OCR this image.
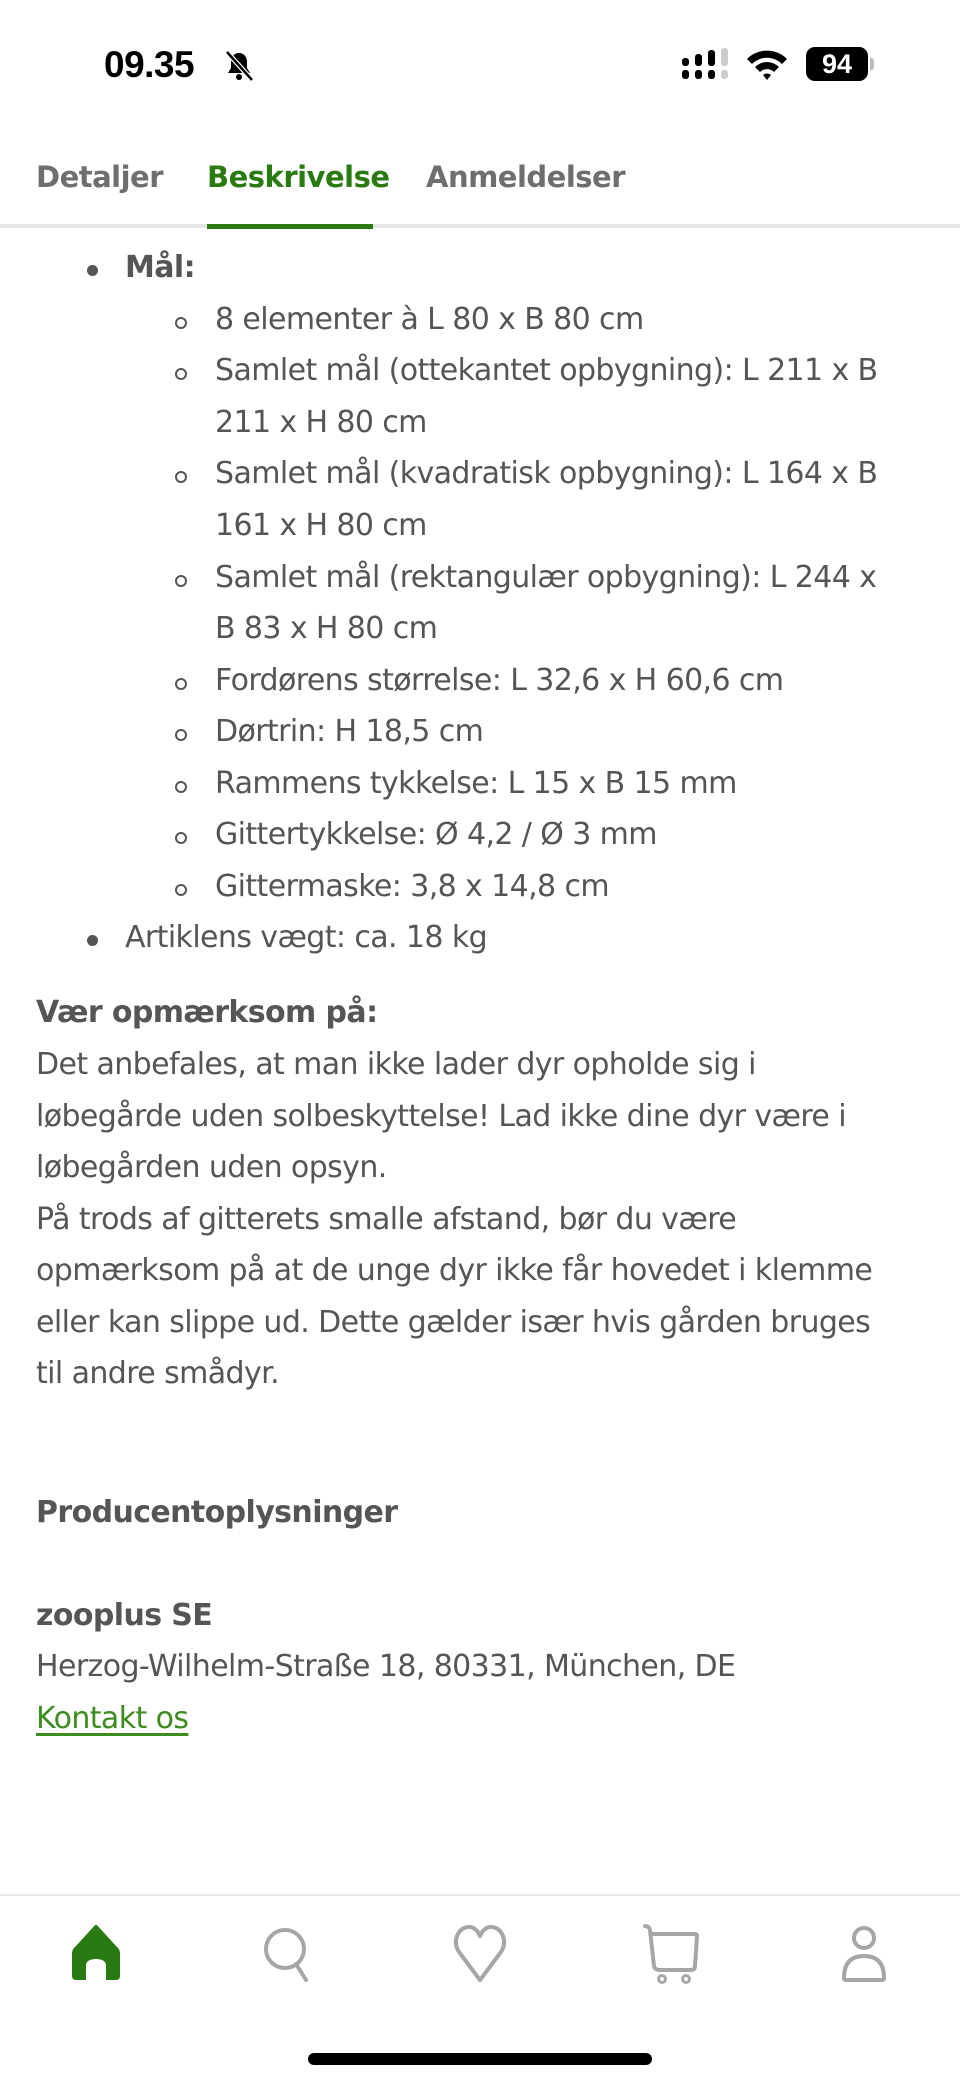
09.35	94
Detaljer Beskrivelse Anmeldelser
Mål:
8 elementer à L 80 x B 80 cm
Samlet mål (ottekantet opbygning): L 211 x B
211 x H 80 cm
Samlet mål (kvadratisk opbygning): L 164 x B
161 x H 80 cm
Samlet mål (rektangulær opbygning): L 244 x
B 83 x H 80 cm
Fordørens størrelse: L 32,6 x H 60,6 cm
Dørtrin: H 18,5 cm
Rammens tykkelse: L 15 x B 15 mm
Gittertykkelse: Ø 4,2 / Ø 3 mm
Gittermaske: 3,8 x 14,8 cm
Artiklens vægt: ca. 18 kg
Vær opmærksom på:
Det anbefales, at man ikke lader dyr opholde sig i
løbegårde uden solbeskyttelse! Lad ikke dine dyr være i
løbegården uden opsyn.
På trods af gitterets smalle afstand, bør du være
opmærksom på at de unge dyr ikke får hovedet i klemme
eller kan slippe ud. Dette gælder især hvis gården bruges
til andre smådyr.
Producentoplysninger
zooplus SE
Herzog-Wilhelm-Straße 18, 80331, München, DE
Kontakt os
